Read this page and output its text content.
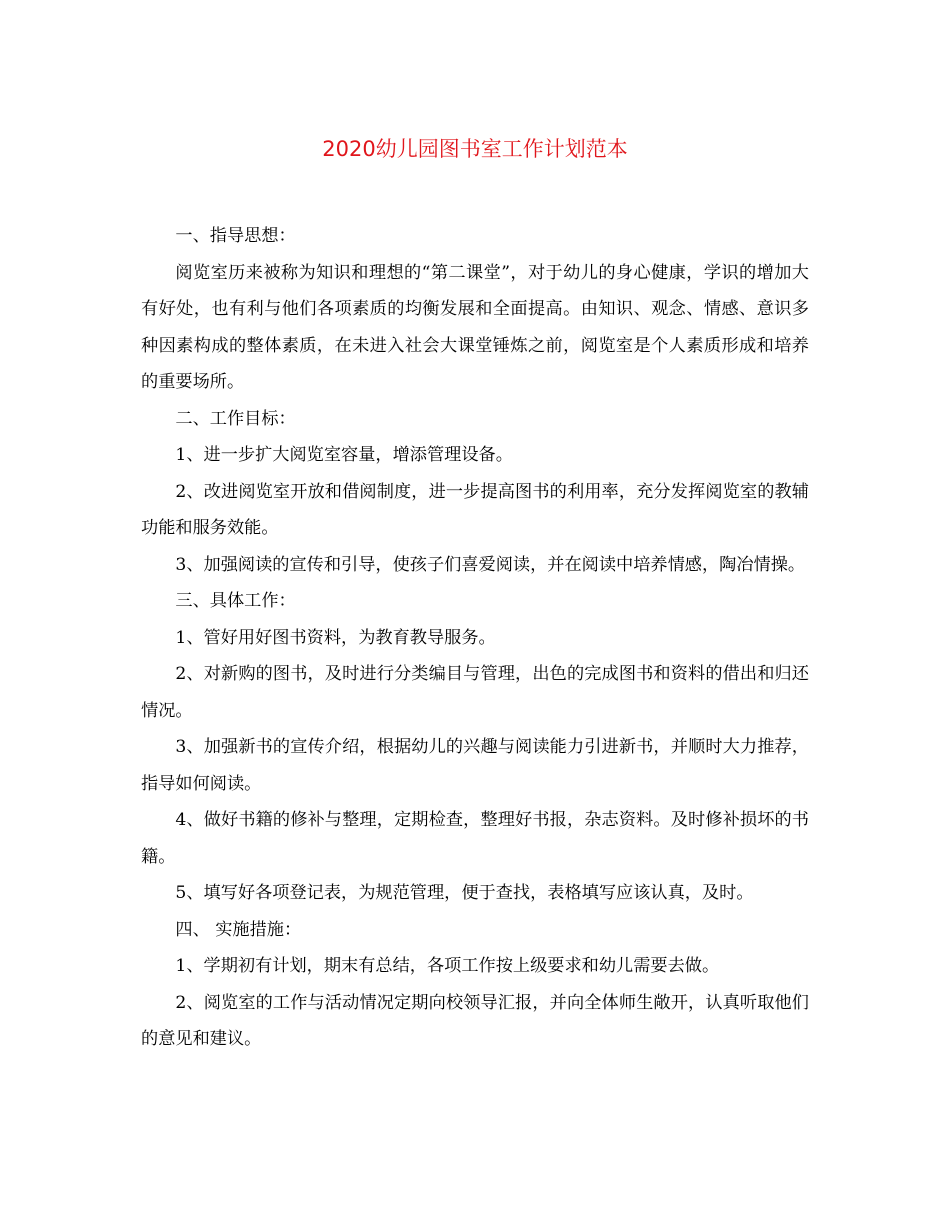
2020幼儿园图书室工作计划范本

一、指导思想：

阅览室历来被称为知识和理想的“第二课堂”，对于幼儿的身心健康，学识的增加大有好处，也有利与他们各项素质的均衡发展和全面提高。由知识、观念、情感、意识多种因素构成的整体素质，在未进入社会大课堂锤炼之前，阅览室是个人素质形成和培养的重要场所。

二、工作目标：

1、进一步扩大阅览室容量，增添管理设备。

2、改进阅览室开放和借阅制度，进一步提高图书的利用率，充分发挥阅览室的教辅功能和服务效能。

3、加强阅读的宣传和引导，使孩子们喜爱阅读，并在阅读中培养情感，陶冶情操。

三、具体工作：

1、管好用好图书资料，为教育教导服务。

2、对新购的图书，及时进行分类编目与管理，出色的完成图书和资料的借出和归还情况。

3、加强新书的宣传介绍，根据幼儿的兴趣与阅读能力引进新书，并顺时大力推荐，指导如何阅读。

4、做好书籍的修补与整理，定期检查，整理好书报，杂志资料。及时修补损坏的书籍。

5、填写好各项登记表，为规范管理，便于查找，表格填写应该认真，及时。

四、 实施措施：

1、学期初有计划，期末有总结，各项工作按上级要求和幼儿需要去做。

2、阅览室的工作与活动情况定期向校领导汇报，并向全体师生敞开，认真听取他们的意见和建议。
